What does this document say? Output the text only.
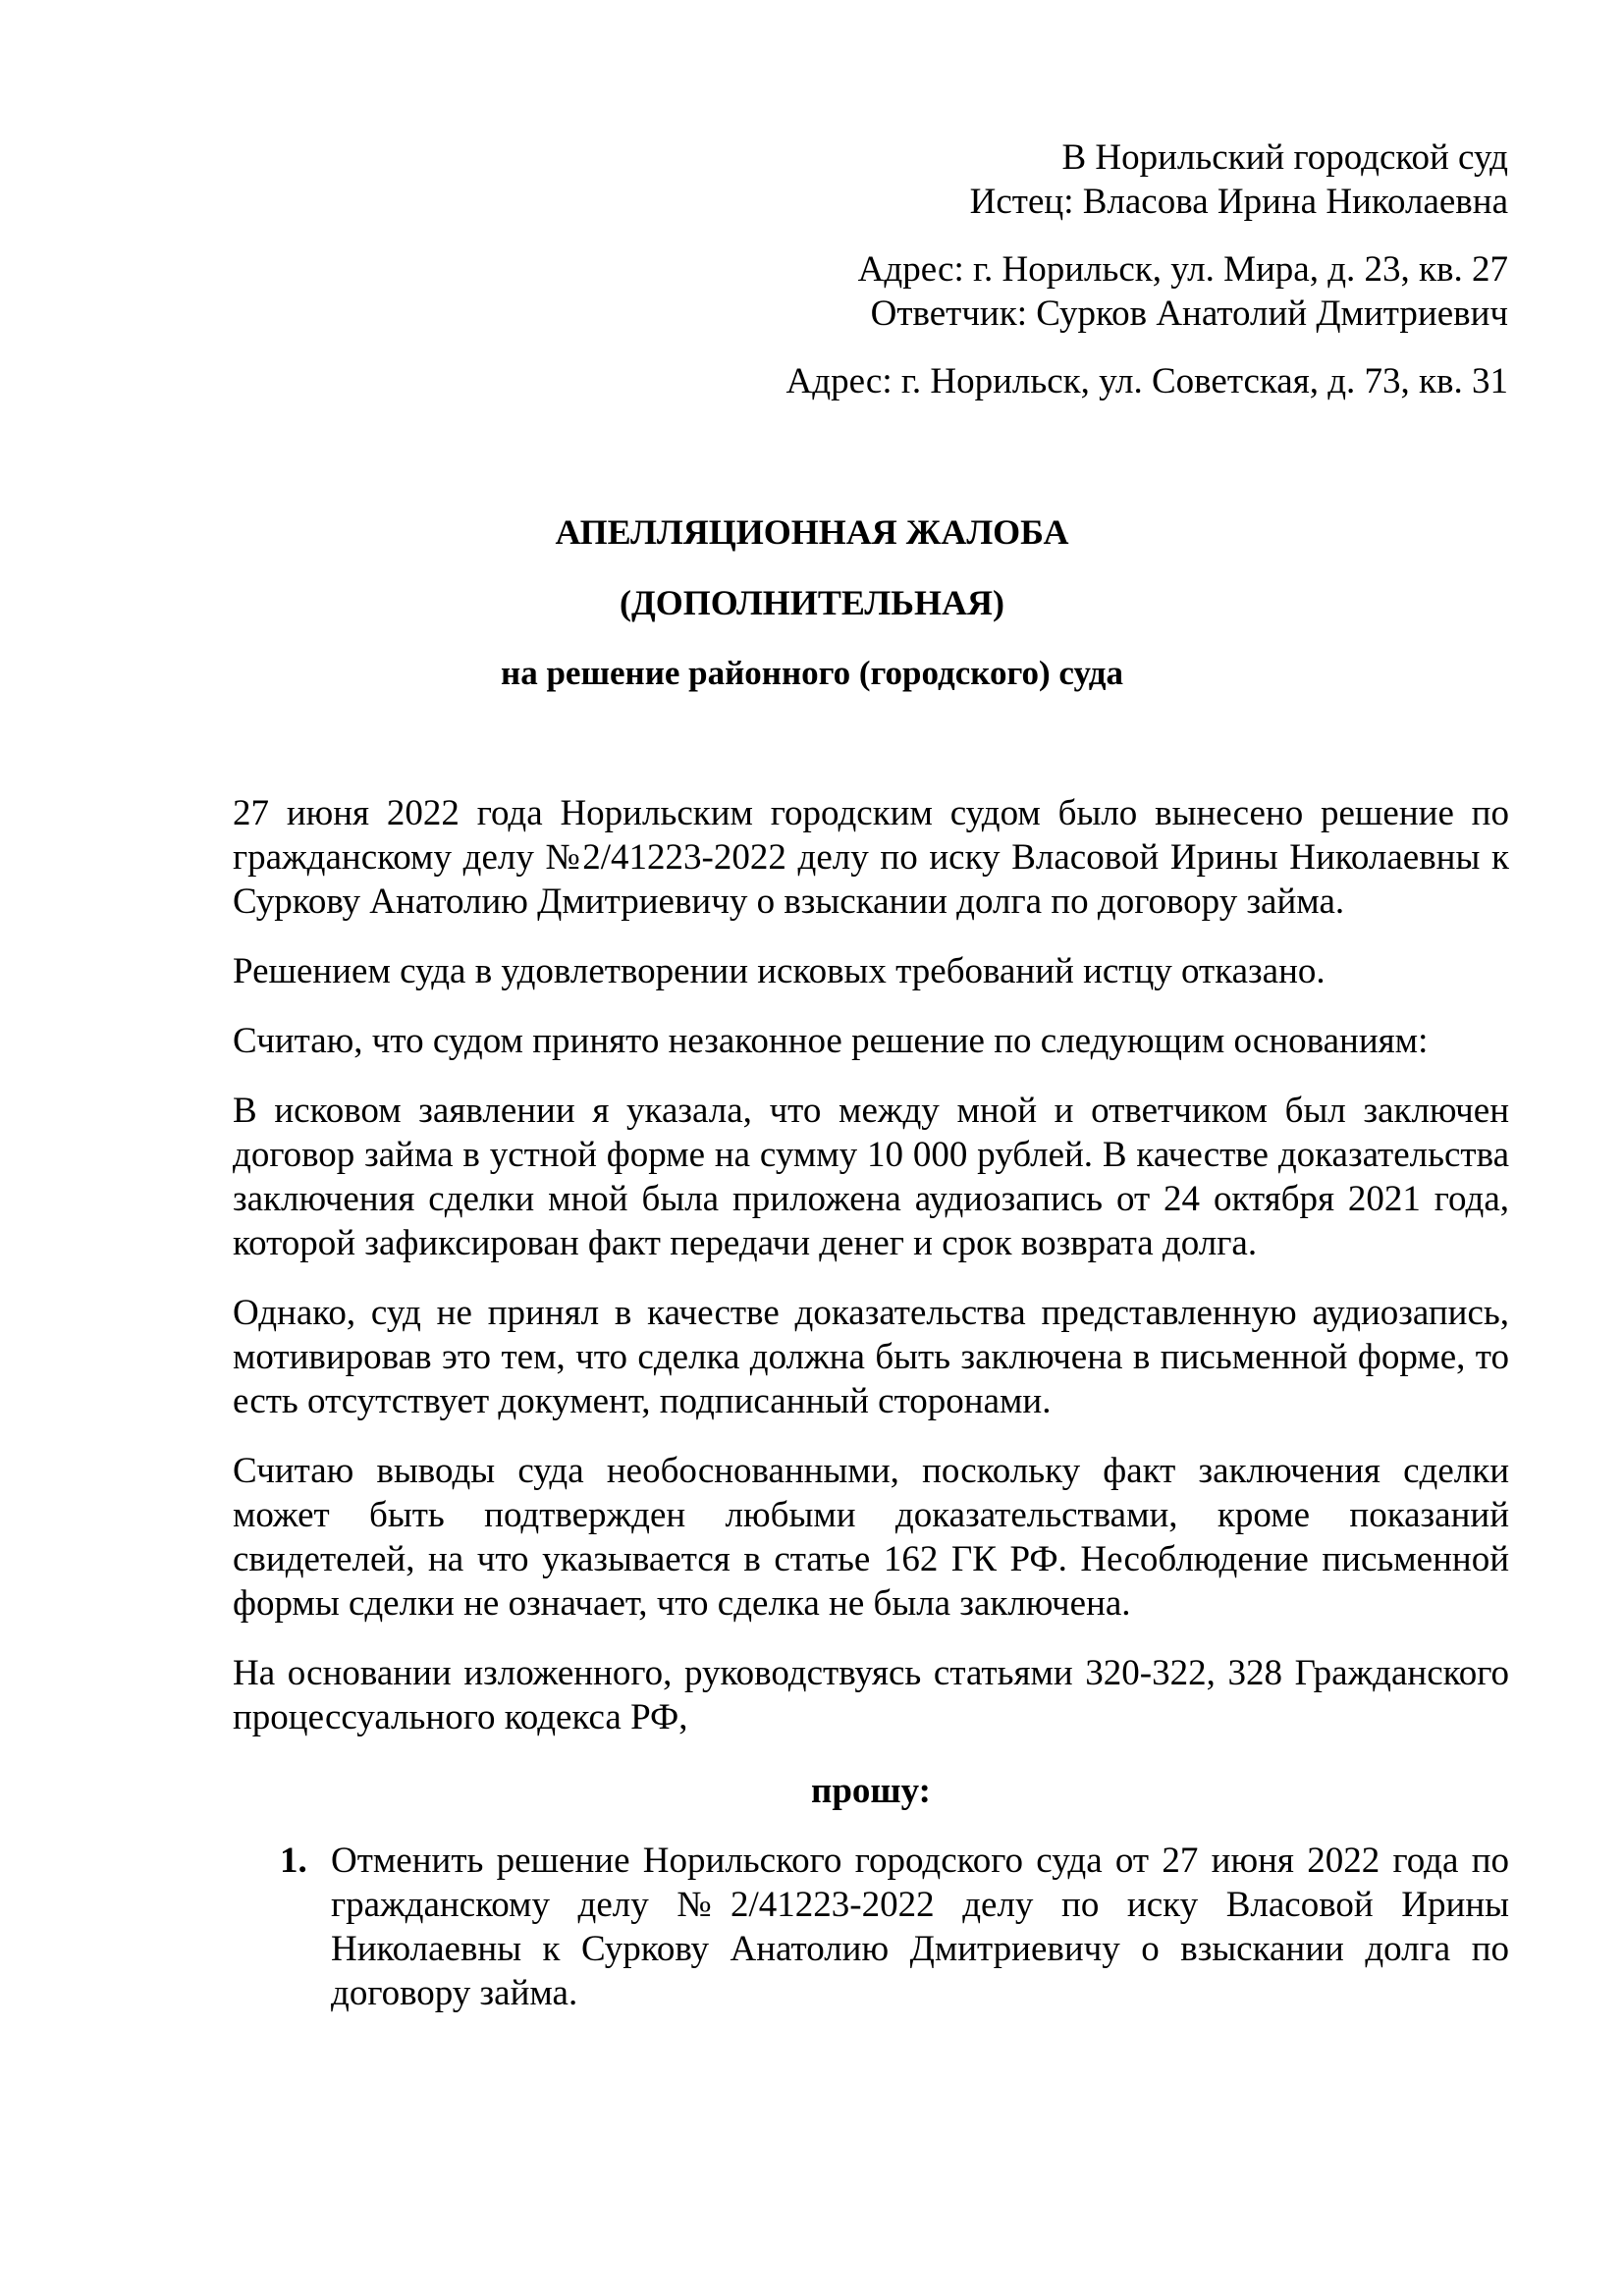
В Норильский городской суд
Истец: Власова Ирина Николаевна
Адрес: г. Норильск, ул. Мира, д. 23, кв. 27
Ответчик: Сурков Анатолий Дмитриевич
Адрес: г. Норильск, ул. Советская, д. 73, кв. 31
АПЕЛЛЯЦИОННАЯ ЖАЛОБА
(ДОПОЛНИТЕЛЬНАЯ)
на решение районного (городского) суда

27 июня 2022 года Норильским городским судом было вынесено решение по гражданскому делу №2/41223-2022 делу по иску Власовой Ирины Николаевны к Суркову Анатолию Дмитриевичу о взыскании долга по договору займа.

Решением суда в удовлетворении исковых требований истцу отказано.

Считаю, что судом принято незаконное решение по следующим основаниям:

В исковом заявлении я указала, что между мной и ответчиком был заключен договор займа в устной форме на сумму 10 000 рублей. В качестве доказательства заключения сделки мной была приложена аудиозапись от 24 октября 2021 года, которой зафиксирован факт передачи денег и срок возврата долга.

Однако, суд не принял в качестве доказательства представленную аудиозапись, мотивировав это тем, что сделка должна быть заключена в письменной форме, то есть отсутствует документ, подписанный сторонами.

Считаю выводы суда необоснованными, поскольку факт заключения сделки может быть подтвержден любыми доказательствами, кроме показаний свидетелей, на что указывается в статье 162 ГК РФ. Несоблюдение письменной формы сделки не означает, что сделка не была заключена.

На основании изложенного, руководствуясь статьями 320-322, 328 Гражданского процессуального кодекса РФ,

прошу:

1. Отменить решение Норильского городского суда от 27 июня 2022 года по гражданскому делу №2/41223-2022 делу по иску Власовой Ирины Николаевны к Суркову Анатолию Дмитриевичу о взыскании долга по договору займа.
